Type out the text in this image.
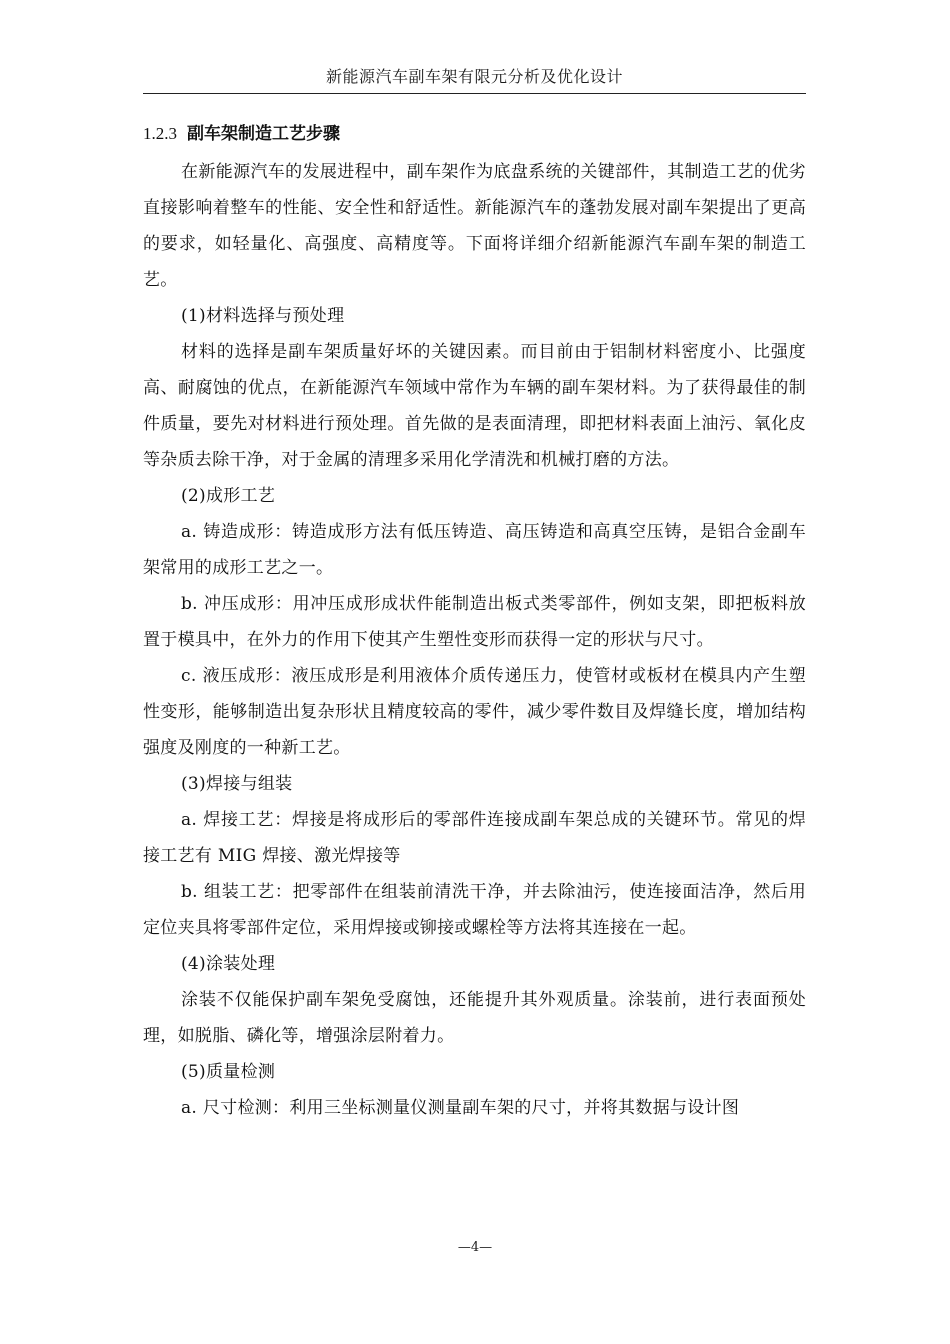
新能源汽车副车架有限元分析及优化设计
1.2.3 副车架制造工艺步骤

在新能源汽车的发展进程中，副车架作为底盘系统的关键部件，其制造工艺的优劣直接影响着整车的性能、安全性和舒适性。新能源汽车的蓬勃发展对副车架提出了更高的要求，如轻量化、高强度、高精度等。下面将详细介绍新能源汽车副车架的制造工艺。

(1)材料选择与预处理

材料的选择是副车架质量好坏的关键因素。而目前由于铝制材料密度小、比强度高、耐腐蚀的优点，在新能源汽车领域中常作为车辆的副车架材料。为了获得最佳的制件质量，要先对材料进行预处理。首先做的是表面清理，即把材料表面上油污、氧化皮等杂质去除干净，对于金属的清理多采用化学清洗和机械打磨的方法。

(2)成形工艺

a. 铸造成形：铸造成形方法有低压铸造、高压铸造和高真空压铸，是铝合金副车架常用的成形工艺之一。

b. 冲压成形：用冲压成形成状件能制造出板式类零部件，例如支架，即把板料放置于模具中，在外力的作用下使其产生塑性变形而获得一定的形状与尺寸。

c. 液压成形：液压成形是利用液体介质传递压力，使管材或板材在模具内产生塑性变形，能够制造出复杂形状且精度较高的零件，减少零件数目及焊缝长度，增加结构强度及刚度的一种新工艺。

(3)焊接与组装

a. 焊接工艺：焊接是将成形后的零部件连接成副车架总成的关键环节。常见的焊接工艺有 MIG 焊接、激光焊接等

b. 组装工艺：把零部件在组装前清洗干净，并去除油污，使连接面洁净，然后用定位夹具将零部件定位，采用焊接或铆接或螺栓等方法将其连接在一起。

(4)涂装处理

涂装不仅能保护副车架免受腐蚀，还能提升其外观质量。涂装前，进行表面预处理，如脱脂、磷化等，增强涂层附着力。

(5)质量检测

a. 尺寸检测：利用三坐标测量仪测量副车架的尺寸，并将其数据与设计图

—4—
